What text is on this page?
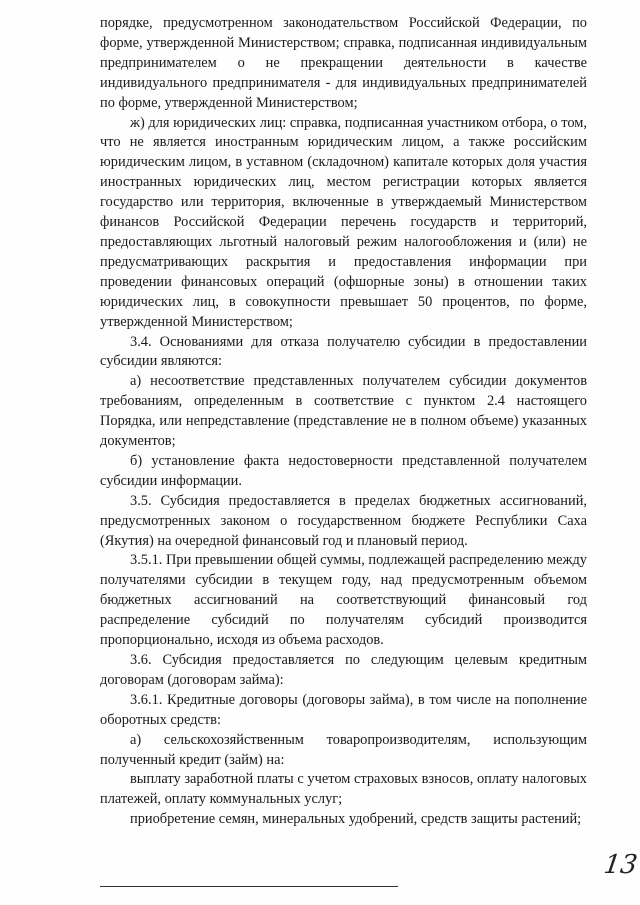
порядке, предусмотренном законодательством Российской Федерации, по форме, утвержденной Министерством; справка, подписанная индивидуальным предпринимателем о не прекращении деятельности в качестве индивидуального предпринимателя - для индивидуальных предпринимателей по форме, утвержденной Министерством;

ж) для юридических лиц: справка, подписанная участником отбора, о том, что не является иностранным юридическим лицом, а также российским юридическим лицом, в уставном (складочном) капитале которых доля участия иностранных юридических лиц, местом регистрации которых является государство или территория, включенные в утверждаемый Министерством финансов Российской Федерации перечень государств и территорий, предоставляющих льготный налоговый режим налогообложения и (или) не предусматривающих раскрытия и предоставления информации при проведении финансовых операций (офшорные зоны) в отношении таких юридических лиц, в совокупности превышает 50 процентов, по форме, утвержденной Министерством;

3.4. Основаниями для отказа получателю субсидии в предоставлении субсидии являются:

а) несоответствие представленных получателем субсидии документов требованиям, определенным в соответствие с пунктом 2.4 настоящего Порядка, или непредставление (представление не в полном объеме) указанных документов;

б) установление факта недостоверности представленной получателем субсидии информации.

3.5. Субсидия предоставляется в пределах бюджетных ассигнований, предусмотренных законом о государственном бюджете Республики Саха (Якутия) на очередной финансовый год и плановый период.

3.5.1. При превышении общей суммы, подлежащей распределению между получателями субсидии в текущем году, над предусмотренным объемом бюджетных ассигнований на соответствующий финансовый год распределение субсидий по получателям субсидий производится пропорционально, исходя из объема расходов.

3.6. Субсидия предоставляется по следующим целевым кредитным договорам (договорам займа):

3.6.1. Кредитные договоры (договоры займа), в том числе на пополнение оборотных средств:

а) сельскохозяйственным товаропроизводителям, использующим полученный кредит (займ) на:

выплату заработной платы с учетом страховых взносов, оплату налоговых платежей, оплату коммунальных услуг;

приобретение семян, минеральных удобрений, средств защиты растений;

13
